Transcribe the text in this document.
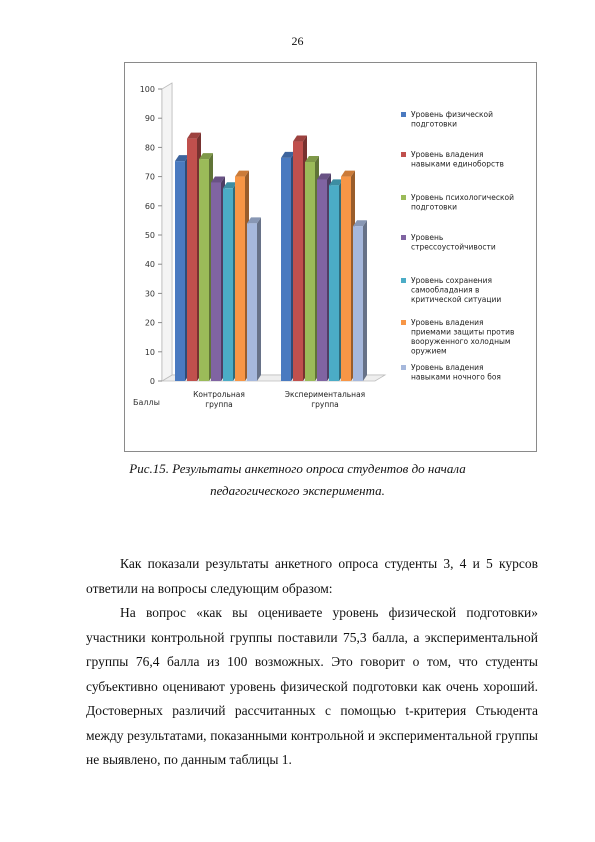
26
0
10
20
30
40
50
60
70
80
90
100
Баллы
Контрольная
группа
Экспериментальная
группа
Уровень физической подготовки
Уровень владения навыками единоборств
Уровень психологической подготовки
Уровень стрессоустойчивости
Уровень сохранения самообладания в критической ситуации
Уровень владения приемами защиты против вооруженного холодным оружием
Уровень владения навыками ночного боя
Рис.15. Результаты анкетного опроса студентов до начала
педагогического эксперимента.
Как показали результаты анкетного опроса студенты 3, 4 и 5 курсов ответили на вопросы следующим образом:
На вопрос «как вы оцениваете уровень физической подготовки» участники контрольной группы поставили 75,3 балла, а экспериментальной группы 76,4 балла из 100 возможных. Это говорит о том, что студенты субъективно оценивают уровень физической подготовки как очень хороший. Достоверных различий рассчитанных с помощью t-критерия Стьюдента между результатами, показанными контрольной и экспериментальной группы не выявлено, по данным таблицы 1.
